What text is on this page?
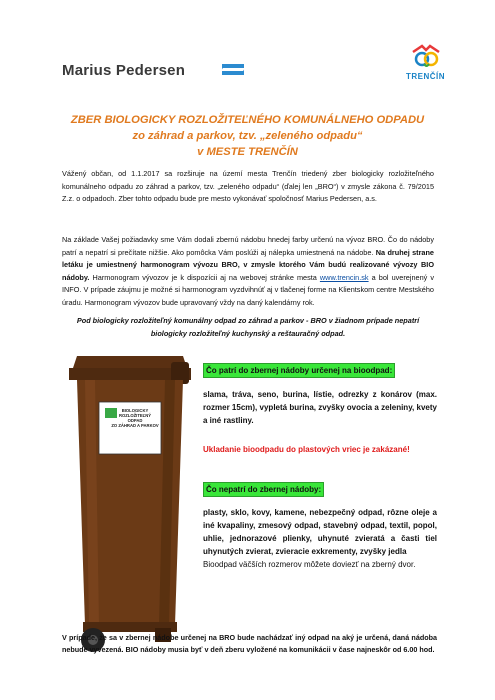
Marius Pedersen	TRENČÍN
ZBER BIOLOGICKY ROZLOŽITEĽNÉHO KOMUNÁLNEHO ODPADU
zo záhrad a parkov, tzv. „zeleného odpadu“
v MESTE TRENČÍN
Vážený občan, od 1.1.2017 sa rozširuje na území mesta Trenčín triedený zber biologicky rozložiteľného komunálneho odpadu zo záhrad a parkov, tzv. „zeleného odpadu“ (ďalej len „BRO“) v zmysle zákona č. 79/2015 Z.z. o odpadoch. Zber tohto odpadu bude pre mesto vykonávať spoločnosť Marius Pedersen, a.s.
Na základe Vašej požiadavky sme Vám dodali zbernú nádobu hnedej farby určenú na vývoz BRO. Čo do nádoby patrí a nepatrí si prečítate nižšie. Ako pomôcka Vám poslúži aj nálepka umiestnená na nádobe. Na druhej strane letáku je umiestnený harmonogram vývozu BRO, v zmysle ktorého Vám budú realizované vývozy BIO nádoby. Harmonogram vývozov je k dispozícii aj na webovej stránke mesta www.trencin.sk a bol uverejnený v INFO. V prípade záujmu je možné si harmonogram vyzdvihnúť aj v tlačenej forme na Klientskom centre Mestského úradu. Harmonogram vývozov bude upravovaný vždy na daný kalendárny rok.
Pod biologicky rozložiteľný komunálny odpad zo záhrad a parkov - BRO v žiadnom prípade nepatrí biologicky rozložiteľný kuchynský a reštauračný odpad.
BIOLOGICKY
ROZLOŽITEĽNÝ
ODPAD
ZO ZÁHRAD A PARKOV
Čo patrí do zbernej nádoby určenej na bioodpad:
slama, tráva, seno, burina, lístie, odrezky z konárov (max. rozmer 15cm), vypletá burina, zvyšky ovocia a zeleniny, kvety a iné rastliny.
Ukladanie bioodpadu do plastových vriec je zakázané!
Čo nepatrí do zbernej nádoby:
plasty, sklo, kovy, kamene, nebezpečný odpad, rôzne oleje a iné kvapaliny, zmesový odpad, stavebný odpad, textil, popol, uhlie, jednorazové plienky, uhynuté zvieratá a časti tiel uhynutých zvierat, zvieracie exkrementy, zvyšky jedla
Bioodpad väčších rozmerov môžete doviezť na zberný dvor.
V prípade, že sa v zbernej nádobe určenej na BRO bude nachádzať iný odpad na aký je určená, daná nádoba nebude vyvezená. BIO nádoby musia byť v deň zberu vyložené na komunikácii v čase najneskôr od 6.00 hod.
